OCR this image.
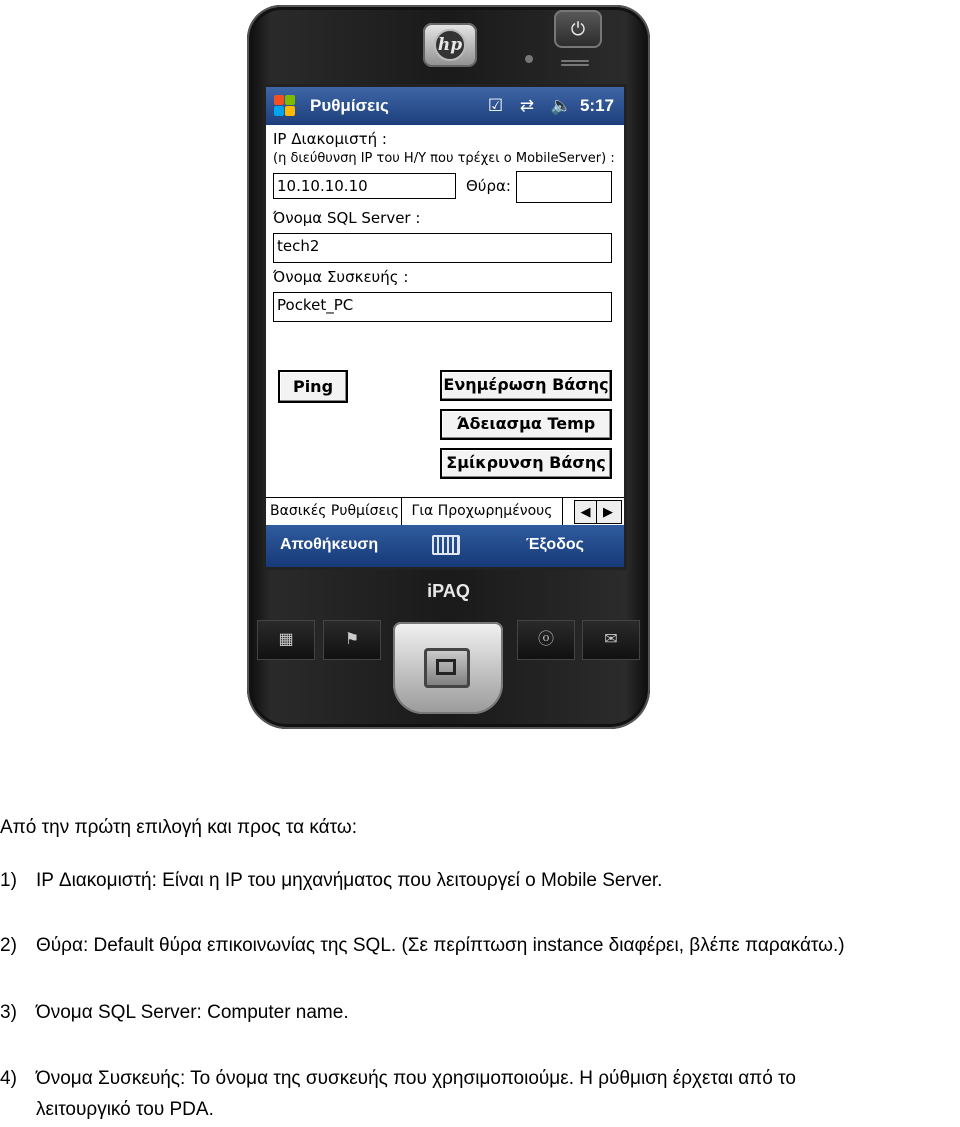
hp
⏻
Ρυθμίσεις	☑ ⇄ 🔈 5:17
IP Διακομιστή :
(η διεύθυνση IP του Η/Υ που τρέχει ο MobileServer) :
10.10.10.10	Θύρα:
Όνομα SQL Server :
tech2
Όνομα Συσκευής :
Pocket_PC
Ping	Ενημέρωση Βάσης
Άδειασμα Temp
Σμίκρυνση Βάσης
Βασικές Ρυθμίσεις Για Προχωρημένους	◀ ▶
Αποθήκευση	Έξοδος
iPAQ
▦	⚑	ⓞ	✉
Από την πρώτη επιλογή και προς τα κάτω:
1) IP Διακομιστή: Είναι η IP του μηχανήματος που λειτουργεί ο Mobile Server.
2) Θύρα: Default θύρα επικοινωνίας της SQL. (Σε περίπτωση instance διαφέρει, βλέπε παρακάτω.)
3) Όνομα SQL Server: Computer name.
4) Όνομα Συσκευής: Το όνομα της συσκευής που χρησιμοποιούμε. Η ρύθμιση έρχεται από το
λειτουργικό του PDA.
